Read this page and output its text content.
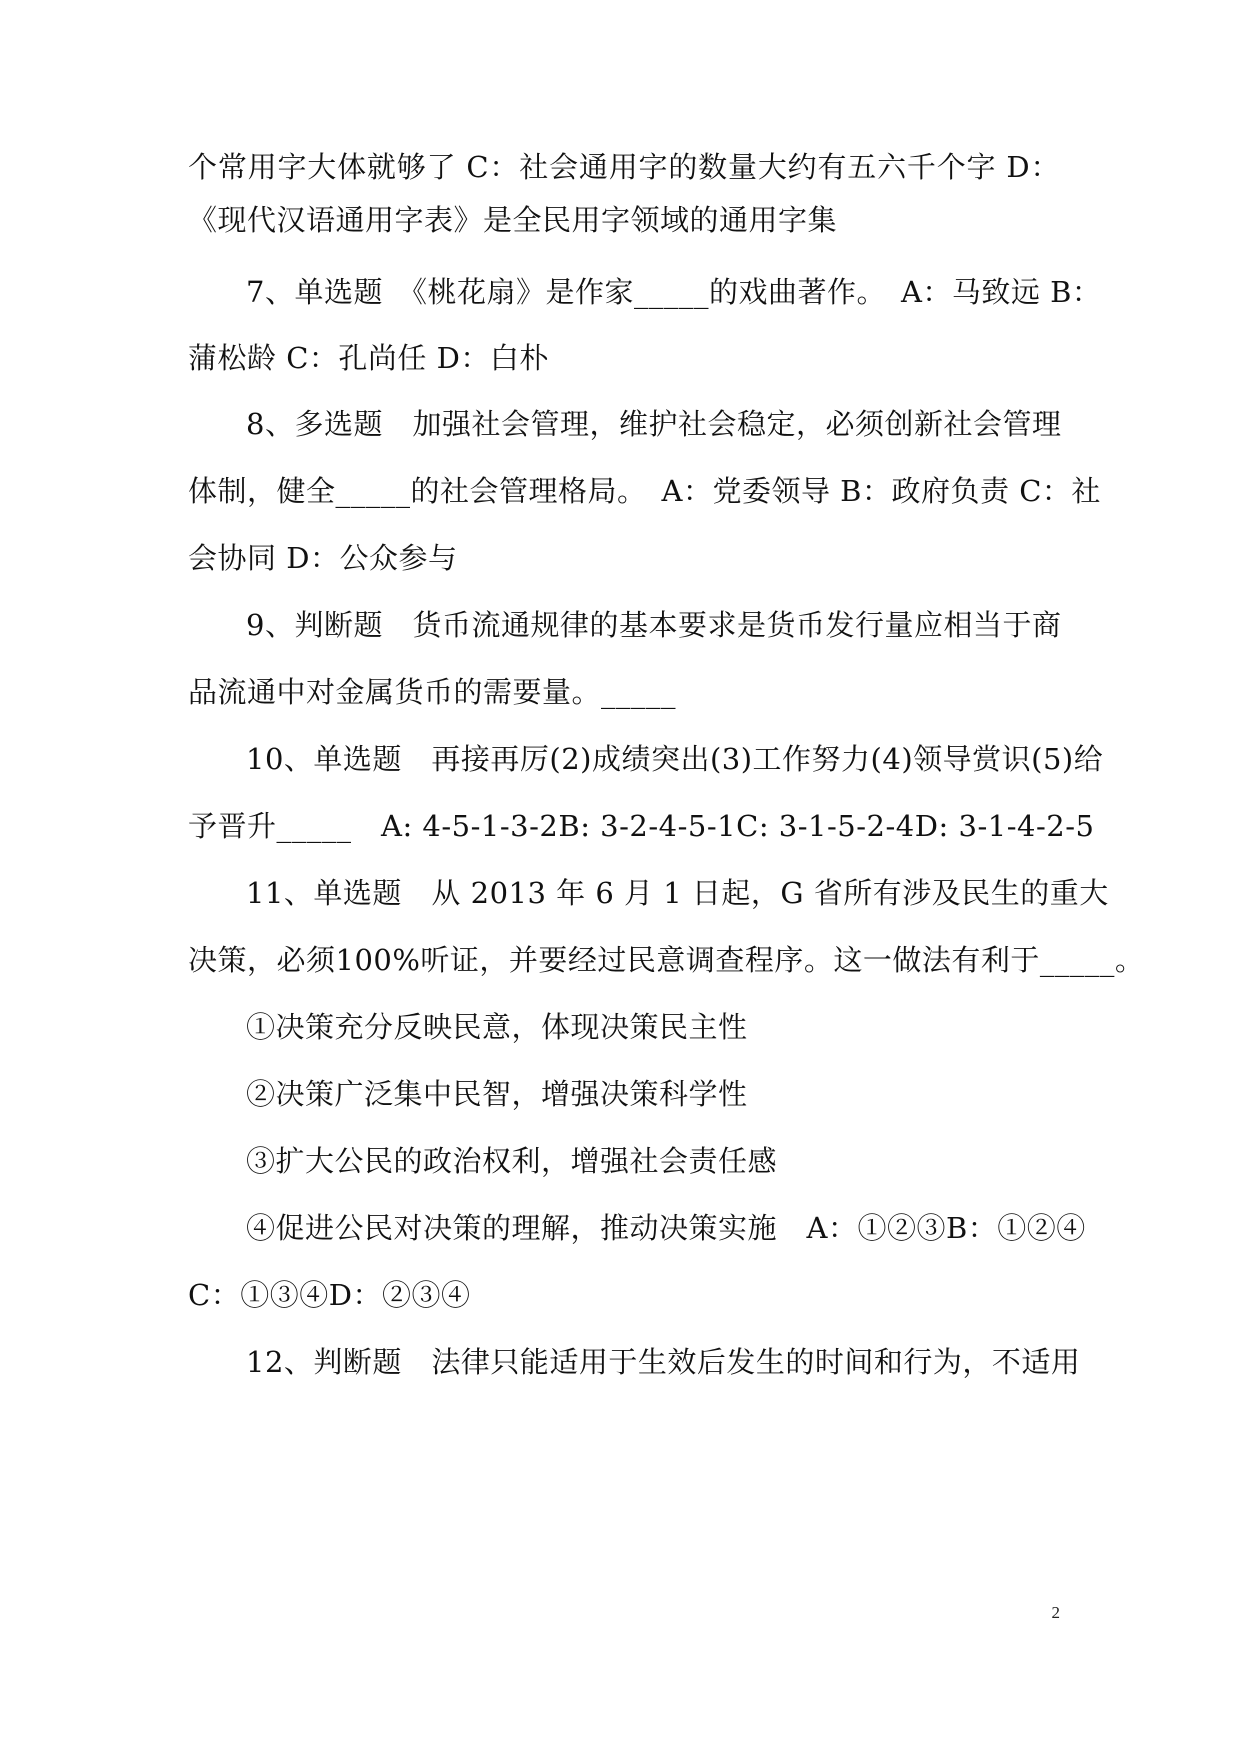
个常用字大体就够了 C：社会通用字的数量大约有五六千个字 D：
《现代汉语通用字表》是全民用字领域的通用字集
7、单选题　《桃花扇》是作家_____的戏曲著作。　A：马致远 B：
蒲松龄 C：孔尚任 D：白朴
8、多选题　加强社会管理，维护社会稳定，必须创新社会管理
体制，健全_____的社会管理格局。　A：党委领导 B：政府负责 C：社
会协同 D：公众参与
9、判断题　货币流通规律的基本要求是货币发行量应相当于商
品流通中对金属货币的需要量。_____
10、单选题　再接再厉(2)成绩突出(3)工作努力(4)领导赏识(5)给
予晋升_____　A: 4-5-1-3-2B: 3-2-4-5-1C: 3-1-5-2-4D: 3-1-4-2-5
11、单选题　从 2013 年 6 月 1 日起，G 省所有涉及民生的重大
决策，必须100%听证，并要经过民意调查程序。这一做法有利于_____。
①决策充分反映民意，体现决策民主性
②决策广泛集中民智，增强决策科学性
③扩大公民的政治权利，增强社会责任感
④促进公民对决策的理解，推动决策实施　A：①②③B：①②④
C：①③④D：②③④
12、判断题　法律只能适用于生效后发生的时间和行为，不适用
2
